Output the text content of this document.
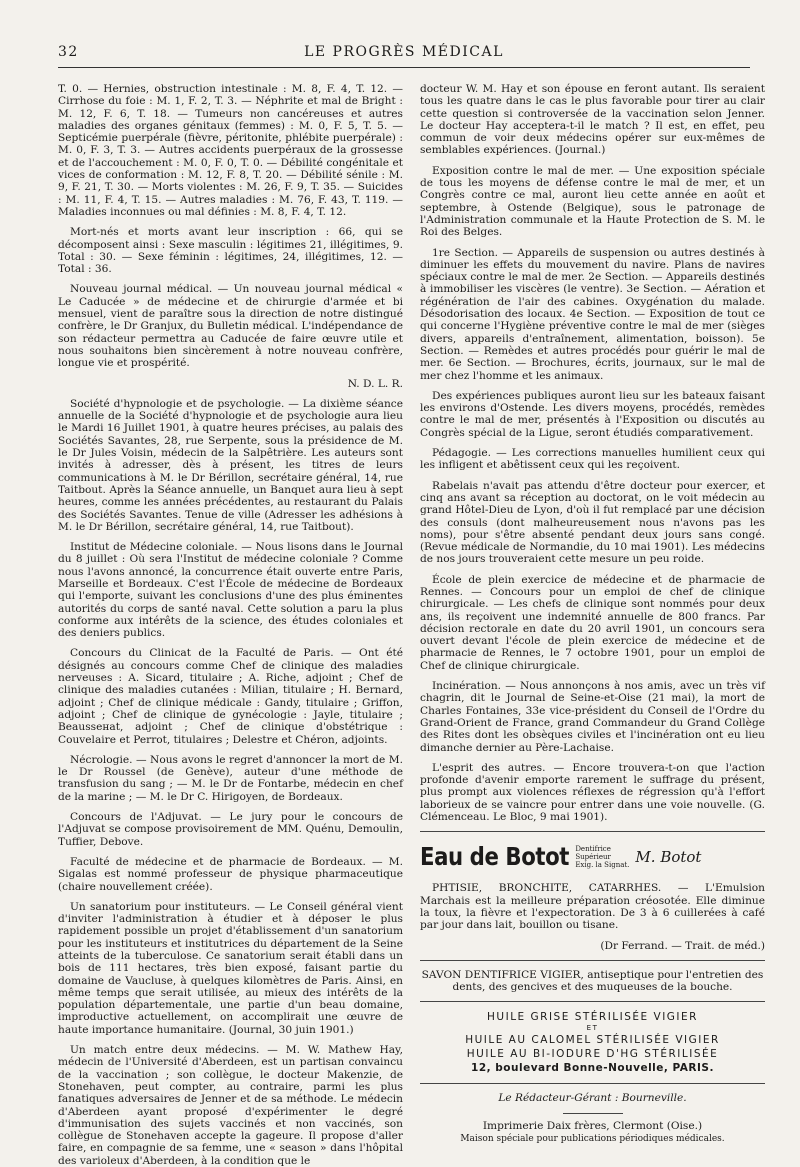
32	LE PROGRÈS MÉDICAL

T. 0. — Hernies, obstruction intestinale : M. 8, F. 4, T. 12. — Cirrhose du foie : M. 1, F. 2, T. 3. — Néphrite et mal de Bright : M. 12, F. 6, T. 18. — Tumeurs non cancéreuses et autres maladies des organes génitaux (femmes) : M. 0, F. 5, T. 5. — Septicémie puerpérale (fièvre, péritonite, phlébite puerpérale) : M. 0, F. 3, T. 3. — Autres accidents puerpéraux de la grossesse et de l'accouchement : M. 0, F. 0, T. 0. — Débilité congénitale et vices de conformation : M. 12, F. 8, T. 20. — Débilité sénile : M. 9, F. 21, T. 30. — Morts violentes : M. 26, F. 9, T. 35. — Suicides : M. 11, F. 4, T. 15. — Autres maladies : M. 76, F. 43, T. 119. — Maladies inconnues ou mal définies : M. 8, F. 4, T. 12.

Mort-nés et morts avant leur inscription : 66, qui se décomposent ainsi : Sexe masculin : légitimes 21, illégitimes, 9. Total : 30. — Sexe féminin : légitimes, 24, illégitimes, 12. — Total : 36.

Nouveau journal médical. — Un nouveau journal médical « Le Caducée » de médecine et de chirurgie d'armée et bi mensuel, vient de paraître sous la direction de notre distingué confrère, le Dr Granjux, du Bulletin médical. L'indépendance de son rédacteur permettra au Caducée de faire œuvre utile et nous souhaitons bien sincèrement à notre nouveau confrère, longue vie et prospérité.

N. D. L. R.

Société d'hypnologie et de psychologie. — La dixième séance annuelle de la Société d'hypnologie et de psychologie aura lieu le Mardi 16 Juillet 1901, à quatre heures précises, au palais des Sociétés Savantes, 28, rue Serpente, sous la présidence de M. le Dr Jules Voisin, médecin de la Salpêtrière. Les auteurs sont invités à adresser, dès à présent, les titres de leurs communications à M. le Dr Bérillon, secrétaire général, 14, rue Taitbout. Après la Séance annuelle, un Banquet aura lieu à sept heures, comme les années précédentes, au restaurant du Palais des Sociétés Savantes. Tenue de ville (Adresser les adhésions à M. le Dr Bérillon, secrétaire général, 14, rue Taitbout).

Institut de Médecine coloniale. — Nous lisons dans le Journal du 8 juillet : Où sera l'Institut de médecine coloniale ? Comme nous l'avons annoncé, la concurrence était ouverte entre Paris, Marseille et Bordeaux. C'est l'École de médecine de Bordeaux qui l'emporte, suivant les conclusions d'une des plus éminentes autorités du corps de santé naval. Cette solution a paru la plus conforme aux intérêts de la science, des études coloniales et des deniers publics.

Concours du Clinicat de la Faculté de Paris. — Ont été désignés au concours comme Chef de clinique des maladies nerveuses : A. Sicard, titulaire ; A. Riche, adjoint ; Chef de clinique des maladies cutanées : Milian, titulaire ; H. Bernard, adjoint ; Chef de clinique médicale : Gandy, titulaire ; Griffon, adjoint ; Chef de clinique de gynécologie : Jayle, titulaire ; Beausseнat, adjoint ; Chef de clinique d'obstétrique : Couvelaire et Perrot, titulaires ; Delestre et Chéron, adjoints.

Nécrologie. — Nous avons le regret d'annoncer la mort de M. le Dr Roussel (de Genève), auteur d'une méthode de transfusion du sang ; — M. le Dr de Fontarbe, médecin en chef de la marine ; — M. le Dr C. Hirigoyen, de Bordeaux.

Concours de l'Adjuvat. — Le jury pour le concours de l'Adjuvat se compose provisoirement de MM. Quénu, Demoulin, Tuffier, Debove.

Faculté de médecine et de pharmacie de Bordeaux. — M. Sigalas est nommé professeur de physique pharmaceutique (chaire nouvellement créée).

Un sanatorium pour instituteurs. — Le Conseil général vient d'inviter l'administration à étudier et à déposer le plus rapidement possible un projet d'établissement d'un sanatorium pour les instituteurs et institutrices du département de la Seine atteints de la tuberculose. Ce sanatorium serait établi dans un bois de 111 hectares, très bien exposé, faisant partie du domaine de Vaucluse, à quelques kilomètres de Paris. Ainsi, en même temps que serait utilisée, au mieux des intérêts de la population départementale, une partie d'un beau domaine, improductive actuellement, on accomplirait une œuvre de haute importance humanitaire. (Journal, 30 juin 1901.)

Un match entre deux médecins. — M. W. Mathew Hay, médecin de l'Université d'Aberdeen, est un partisan convaincu de la vaccination ; son collègue, le docteur Makenzie, de Stonehaven, peut compter, au contraire, parmi les plus fanatiques adversaires de Jenner et de sa méthode. Le médecin d'Aberdeen ayant proposé d'expérimenter le degré d'immunisation des sujets vaccinés et non vaccinés, son collègue de Stonehaven accepte la gageure. Il propose d'aller faire, en compagnie de sa femme, une « season » dans l'hôpital des varioleux d'Aberdeen, à la condition que le

docteur W. M. Hay et son épouse en feront autant. Ils seraient tous les quatre dans le cas le plus favorable pour tirer au clair cette question si controversée de la vaccination selon Jenner. Le docteur Hay acceptera-t-il le match ? Il est, en effet, peu commun de voir deux médecins opérer sur eux-mêmes de semblables expériences. (Journal.)

Exposition contre le mal de mer. — Une exposition spéciale de tous les moyens de défense contre le mal de mer, et un Congrès contre ce mal, auront lieu cette année en août et septembre, à Ostende (Belgique), sous le patronage de l'Administration communale et la Haute Protection de S. M. le Roi des Belges.

1re Section. — Appareils de suspension ou autres destinés à diminuer les effets du mouvement du navire. Plans de navires spéciaux contre le mal de mer. 2e Section. — Appareils destinés à immobiliser les viscères (le ventre). 3e Section. — Aération et régénération de l'air des cabines. Oxygénation du malade. Désodorisation des locaux. 4e Section. — Exposition de tout ce qui concerne l'Hygiène préventive contre le mal de mer (sièges divers, appareils d'entraînement, alimentation, boisson). 5e Section. — Remèdes et autres procédés pour guérir le mal de mer. 6e Section. — Brochures, écrits, journaux, sur le mal de mer chez l'homme et les animaux.

Des expériences publiques auront lieu sur les bateaux faisant les environs d'Ostende. Les divers moyens, procédés, remèdes contre le mal de mer, présentés à l'Exposition ou discutés au Congrès spécial de la Ligue, seront étudiés comparativement.

Pédagogie. — Les corrections manuelles humilient ceux qui les infligent et abêtissent ceux qui les reçoivent.

Rabelais n'avait pas attendu d'être docteur pour exercer, et cinq ans avant sa réception au doctorat, on le voit médecin au grand Hôtel-Dieu de Lyon, d'où il fut remplacé par une décision des consuls (dont malheureusement nous n'avons pas les noms), pour s'être absenté pendant deux jours sans congé. (Revue médicale de Normandie, du 10 mai 1901). Les médecins de nos jours trouveraient cette mesure un peu roide.

École de plein exercice de médecine et de pharmacie de Rennes. — Concours pour un emploi de chef de clinique chirurgicale. — Les chefs de clinique sont nommés pour deux ans, ils reçoivent une indemnité annuelle de 800 francs. Par décision rectorale en date du 20 avril 1901, un concours sera ouvert devant l'école de plein exercice de médecine et de pharmacie de Rennes, le 7 octobre 1901, pour un emploi de Chef de clinique chirurgicale.

Incinération. — Nous annonçons à nos amis, avec un très vif chagrin, dit le Journal de Seine-et-Oise (21 mai), la mort de Charles Fontaines, 33e vice-président du Conseil de l'Ordre du Grand-Orient de France, grand Commandeur du Grand Collège des Rites dont les obsèques civiles et l'incinération ont eu lieu dimanche dernier au Père-Lachaise.

L'esprit des autres. — Encore trouvera-t-on que l'action profonde d'avenir emporte rarement le suffrage du présent, plus prompt aux violences réflexes de régression qu'à l'effort laborieux de se vaincre pour entrer dans une voie nouvelle. (G. Clémenceau. Le Bloc, 9 mai 1901).

Eau de Botot Dentifrice
Supérieur
Exig. la Signat. M. Botot

PHTISIE, BRONCHITE, CATARRHES. — L'Emulsion Marchais est la meilleure préparation créosotée. Elle diminue la toux, la fièvre et l'expectoration. De 3 à 6 cuillerées à café par jour dans lait, bouillon ou tisane.

(Dr Ferrand. — Trait. de méd.)

SAVON DENTIFRICE VIGIER, antiseptique pour l'entretien des dents, des gencives et des muqueuses de la bouche.

HUILE GRISE STÉRILISÉE VIGIER
ET
HUILE AU CALOMEL STÉRILISÉE VIGIER
HUILE AU BI-IODURE D'HG STÉRILISÉE
12, boulevard Bonne-Nouvelle, PARIS.

Le Rédacteur-Gérant : Bourneville.

Imprimerie Daix frères, Clermont (Oise.)

Maison spéciale pour publications périodiques médicales.
